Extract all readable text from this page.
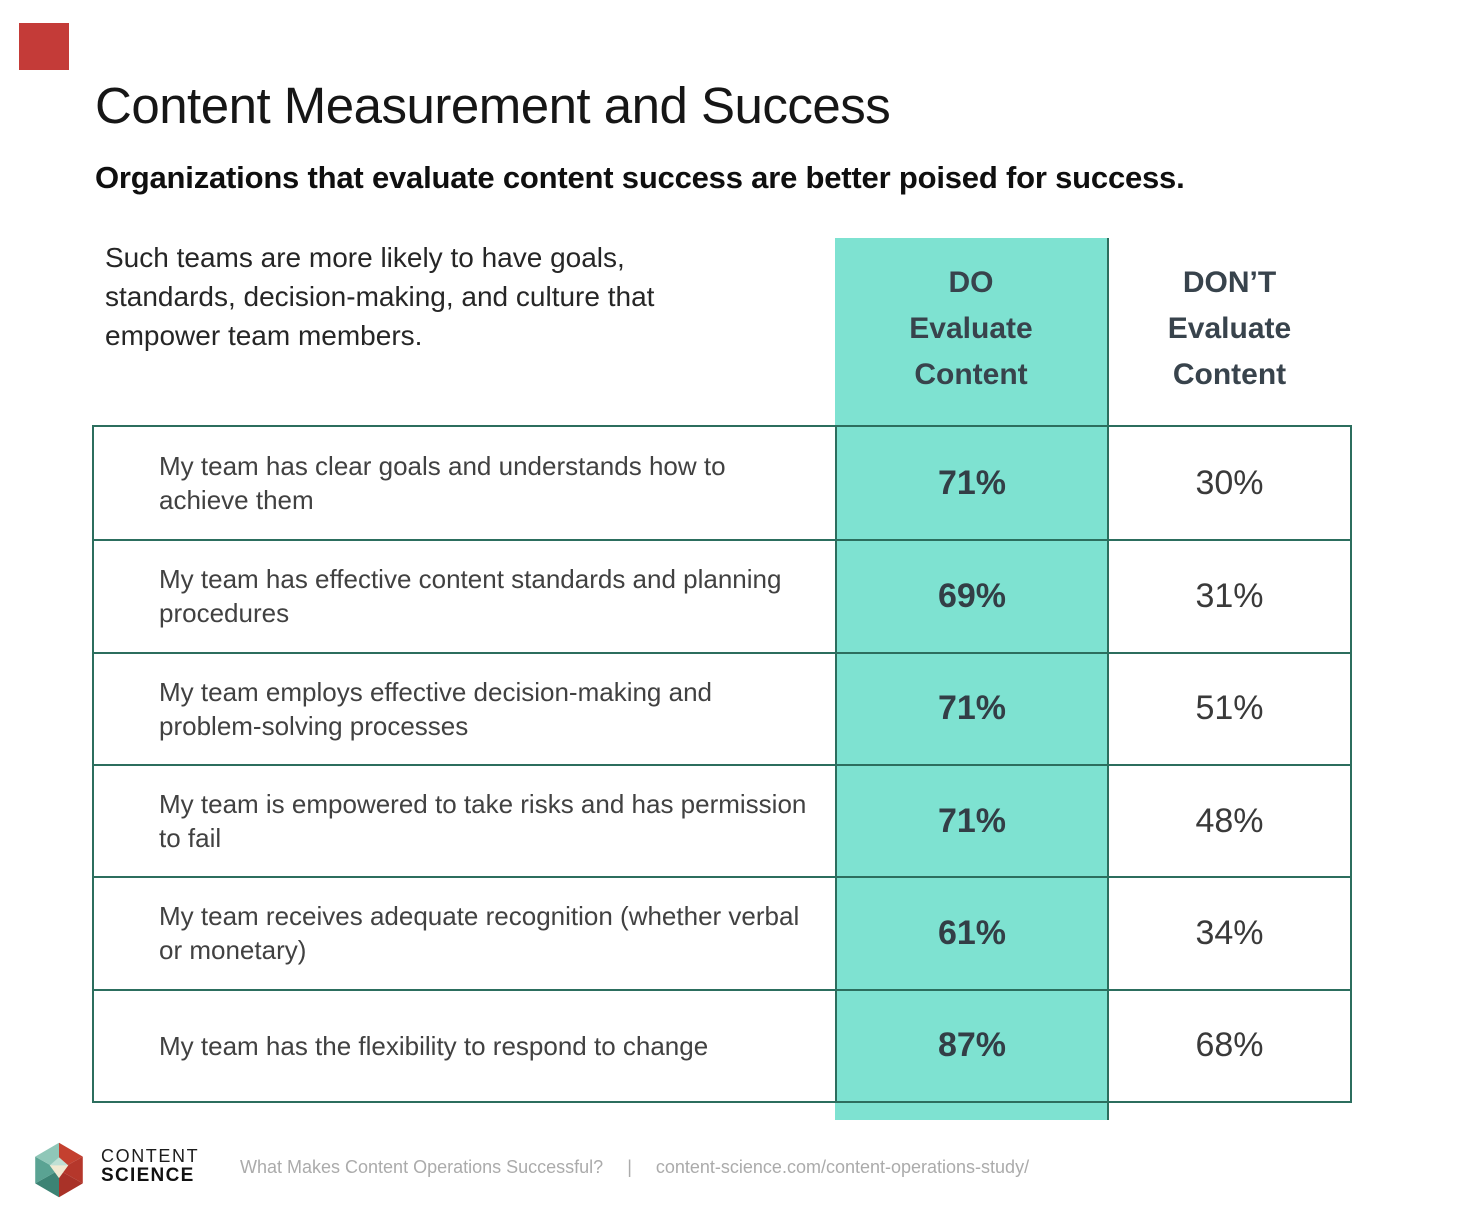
Content Measurement and Success
Organizations that evaluate content success are better poised for success.
Such teams are more likely to have goals,
standards, decision-making, and culture that
empower team members.
DO
Evaluate
Content
DON’T
Evaluate
Content
My team has clear goals and understands how to achieve them	71%	30%
My team has effective content standards and planning procedures	69%	31%
My team employs effective decision-making and problem-solving processes	71%	51%
My team is empowered to take risks and has permission to fail	71%	48%
My team receives adequate recognition (whether verbal or monetary)	61%	34%
My team has the flexibility to respond to change	87%	68%
CONTENT
SCIENCE	What Makes Content Operations Successful? | content-science.com/content-operations-study/
